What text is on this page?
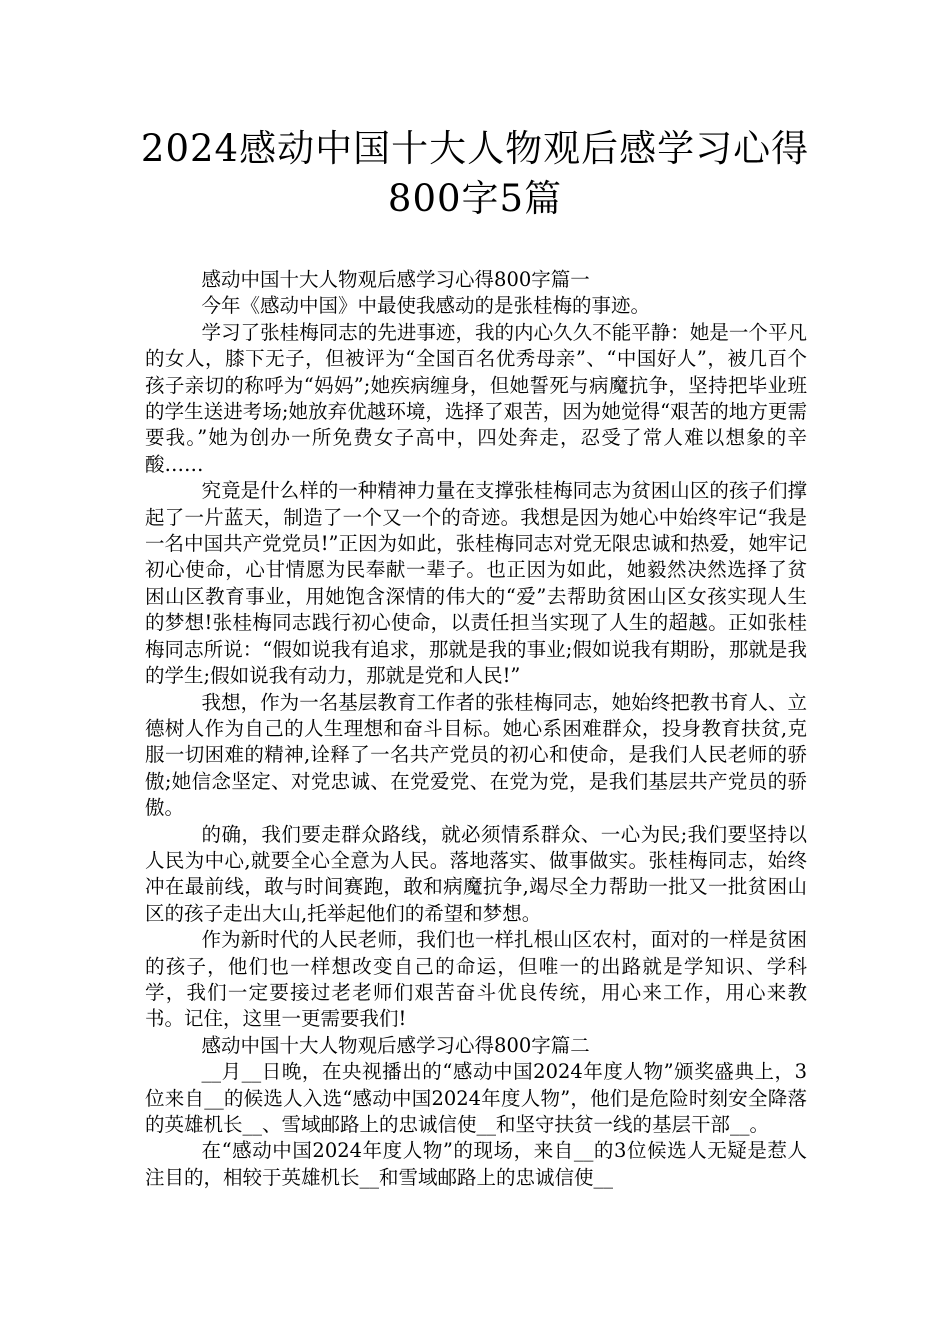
2024感动中国十大人物观后感学习心得
800字5篇

感动中国十大人物观后感学习心得800字篇一

今年《感动中国》中最使我感动的是张桂梅的事迹。

学习了张桂梅同志的先进事迹，我的内心久久不能平静：她是一个平凡的女人，膝下无子，但被评为“全国百名优秀母亲”、“中国好人”，被几百个孩子亲切的称呼为“妈妈”;她疾病缠身，但她誓死与病魔抗争，坚持把毕业班的学生送进考场;她放弃优越环境，选择了艰苦，因为她觉得“艰苦的地方更需要我。”她为创办一所免费女子高中，四处奔走，忍受了常人难以想象的辛酸……

究竟是什么样的一种精神力量在支撑张桂梅同志为贫困山区的孩子们撑起了一片蓝天，制造了一个又一个的奇迹。我想是因为她心中始终牢记“我是一名中国共产党党员!”正因为如此，张桂梅同志对党无限忠诚和热爱，她牢记初心使命，心甘情愿为民奉献一辈子。也正因为如此，她毅然决然选择了贫困山区教育事业，用她饱含深情的伟大的“爱”去帮助贫困山区女孩实现人生的梦想!张桂梅同志践行初心使命，以责任担当实现了人生的超越。正如张桂梅同志所说：“假如说我有追求，那就是我的事业;假如说我有期盼，那就是我的学生;假如说我有动力，那就是党和人民!”

我想，作为一名基层教育工作者的张桂梅同志，她始终把教书育人、立德树人作为自己的人生理想和奋斗目标。她心系困难群众，投身教育扶贫,克服一切困难的精神,诠释了一名共产党员的初心和使命，是我们人民老师的骄傲;她信念坚定、对党忠诚、在党爱党、在党为党，是我们基层共产党员的骄傲。

的确，我们要走群众路线，就必须情系群众、一心为民;我们要坚持以人民为中心,就要全心全意为人民。落地落实、做事做实。张桂梅同志，始终冲在最前线，敢与时间赛跑，敢和病魔抗争,竭尽全力帮助一批又一批贫困山区的孩子走出大山,托举起他们的希望和梦想。

作为新时代的人民老师，我们也一样扎根山区农村，面对的一样是贫困的孩子，他们也一样想改变自己的命运，但唯一的出路就是学知识、学科学，我们一定要接过老老师们艰苦奋斗优良传统，用心来工作，用心来教书。记住，这里一更需要我们!

感动中国十大人物观后感学习心得800字篇二

__月__日晚，在央视播出的“感动中国2024年度人物”颁奖盛典上，3位来自__的候选人入选“感动中国2024年度人物”，他们是危险时刻安全降落的英雄机长__、雪域邮路上的忠诚信使__和坚守扶贫一线的基层干部__。

在“感动中国2024年度人物”的现场，来自__的3位候选人无疑是惹人注目的，相较于英雄机长__和雪域邮路上的忠诚信使__
